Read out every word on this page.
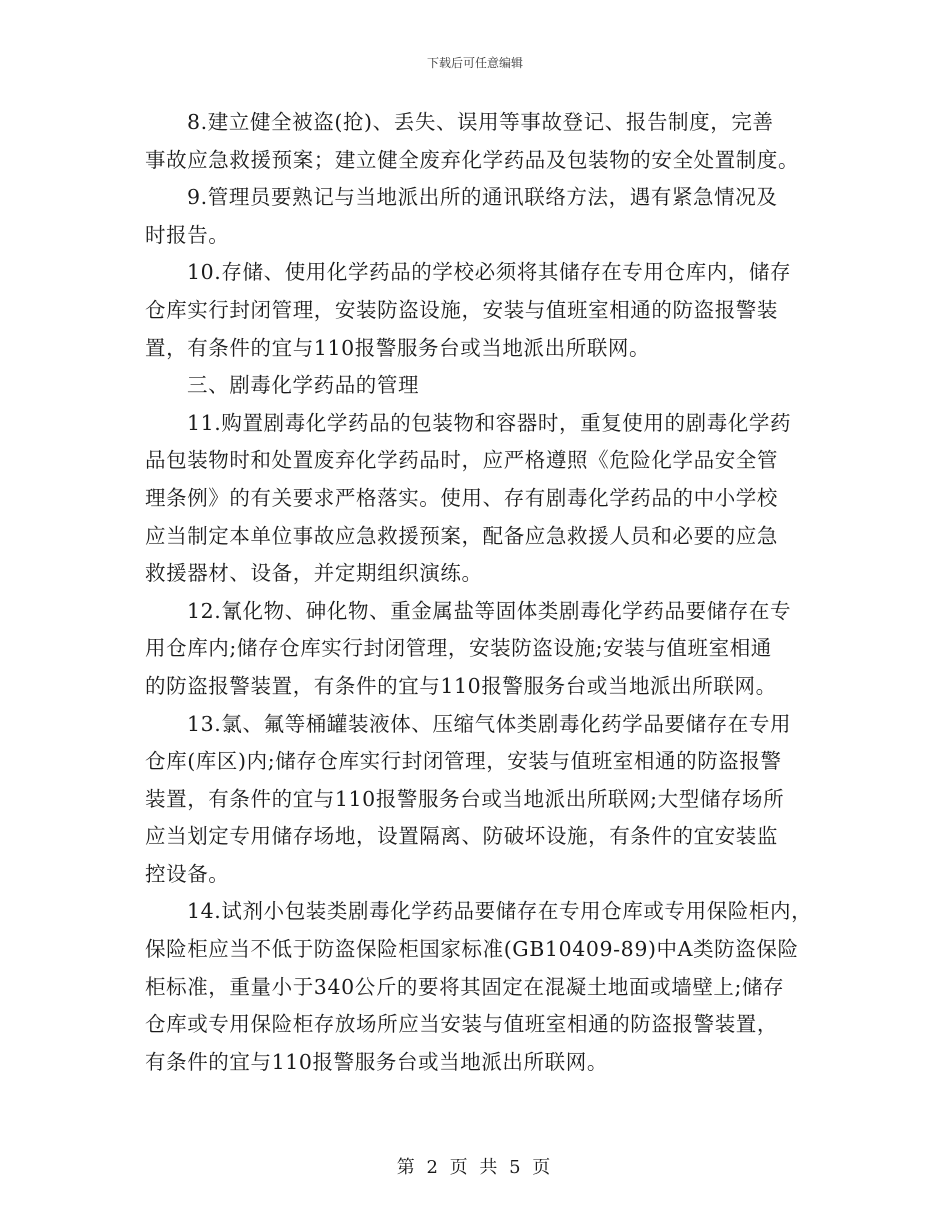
下载后可任意编辑
8.建立健全被盗(抢)、丢失、误用等事故登记、报告制度，完善
事故应急救援预案；建立健全废弃化学药品及包装物的安全处置制度。
9.管理员要熟记与当地派出所的通讯联络方法，遇有紧急情况及
时报告。
10.存储、使用化学药品的学校必须将其储存在专用仓库内，储存
仓库实行封闭管理，安装防盗设施，安装与值班室相通的防盗报警装
置，有条件的宜与110报警服务台或当地派出所联网。
三、剧毒化学药品的管理
11.购置剧毒化学药品的包装物和容器时，重复使用的剧毒化学药
品包装物时和处置废弃化学药品时，应严格遵照《危险化学品安全管
理条例》的有关要求严格落实。使用、存有剧毒化学药品的中小学校
应当制定本单位事故应急救援预案，配备应急救援人员和必要的应急
救援器材、设备，并定期组织演练。
12.氰化物、砷化物、重金属盐等固体类剧毒化学药品要储存在专
用仓库内;储存仓库实行封闭管理，安装防盗设施;安装与值班室相通
的防盗报警装置，有条件的宜与110报警服务台或当地派出所联网。
13.氯、氟等桶罐装液体、压缩气体类剧毒化药学品要储存在专用
仓库(库区)内;储存仓库实行封闭管理，安装与值班室相通的防盗报警
装置，有条件的宜与110报警服务台或当地派出所联网;大型储存场所
应当划定专用储存场地，设置隔离、防破坏设施，有条件的宜安装监
控设备。
14.试剂小包装类剧毒化学药品要储存在专用仓库或专用保险柜内，
保险柜应当不低于防盗保险柜国家标准(GB10409-89)中A类防盗保险
柜标准，重量小于340公斤的要将其固定在混凝土地面或墙壁上;储存
仓库或专用保险柜存放场所应当安装与值班室相通的防盗报警装置，
有条件的宜与110报警服务台或当地派出所联网。
第 2 页 共 5 页
